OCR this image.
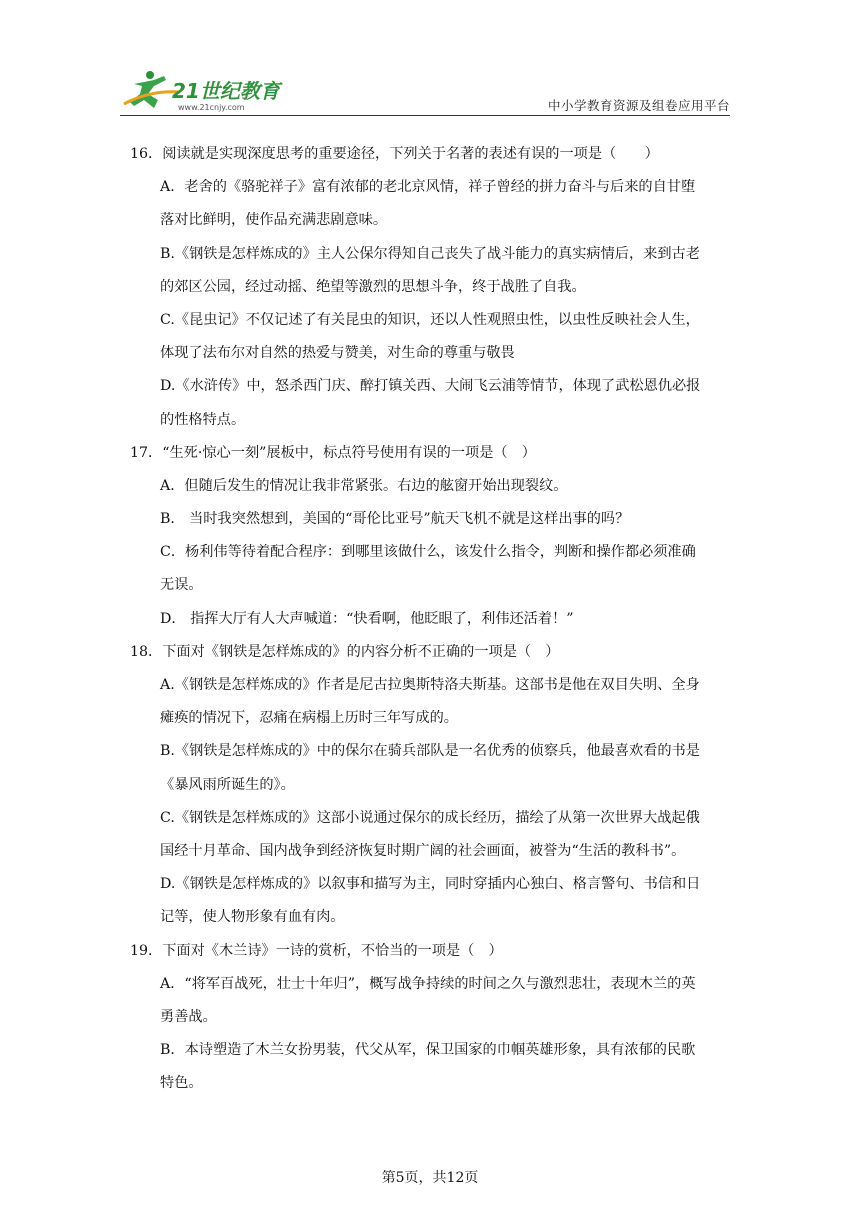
21世纪教育
www.21cnjy.com	中小学教育资源及组卷应用平台
16．阅读就是实现深度思考的重要途径，下列关于名著的表述有误的一项是（　　）
A．老舍的《骆驼祥子》富有浓郁的老北京风情，祥子曾经的拼力奋斗与后来的自甘堕
落对比鲜明，使作品充满悲剧意味。
B.《钢铁是怎样炼成的》主人公保尔得知自己丧失了战斗能力的真实病情后，来到古老
的郊区公园，经过动摇、绝望等激烈的思想斗争，终于战胜了自我。
C.《昆虫记》不仅记述了有关昆虫的知识，还以人性观照虫性，以虫性反映社会人生，
体现了法布尔对自然的热爱与赞美，对生命的尊重与敬畏
D.《水浒传》中，怒杀西门庆、醉打镇关西、大闹飞云浦等情节，体现了武松恩仇必报
的性格特点。
17．“生死·惊心一刻”展板中，标点符号使用有误的一项是（　）
A．但随后发生的情况让我非常紧张。右边的舷窗开始出现裂纹。
B． 当时我突然想到，美国的“哥伦比亚号”航天飞机不就是这样出事的吗？
C．杨利伟等待着配合程序：到哪里该做什么，该发什么指令，判断和操作都必须准确
无误。
D． 指挥大厅有人大声喊道：“快看啊，他眨眼了，利伟还活着！”
18．下面对《钢铁是怎样炼成的》的内容分析不正确的一项是（　）
A.《钢铁是怎样炼成的》作者是尼古拉奥斯特洛夫斯基。这部书是他在双目失明、全身
瘫痪的情况下，忍痛在病榻上历时三年写成的。
B.《钢铁是怎样炼成的》中的保尔在骑兵部队是一名优秀的侦察兵，他最喜欢看的书是
《暴风雨所诞生的》。
C.《钢铁是怎样炼成的》这部小说通过保尔的成长经历，描绘了从第一次世界大战起俄
国经十月革命、国内战争到经济恢复时期广阔的社会画面，被誉为“生活的教科书”。
D.《钢铁是怎样炼成的》以叙事和描写为主，同时穿插内心独白、格言警句、书信和日
记等，使人物形象有血有肉。
19．下面对《木兰诗》一诗的赏析，不恰当的一项是（　）
A．“将军百战死，壮士十年归”，概写战争持续的时间之久与激烈悲壮，表现木兰的英
勇善战。
B．本诗塑造了木兰女扮男装，代父从军，保卫国家的巾帼英雄形象，具有浓郁的民歌
特色。
第5页，共12页
